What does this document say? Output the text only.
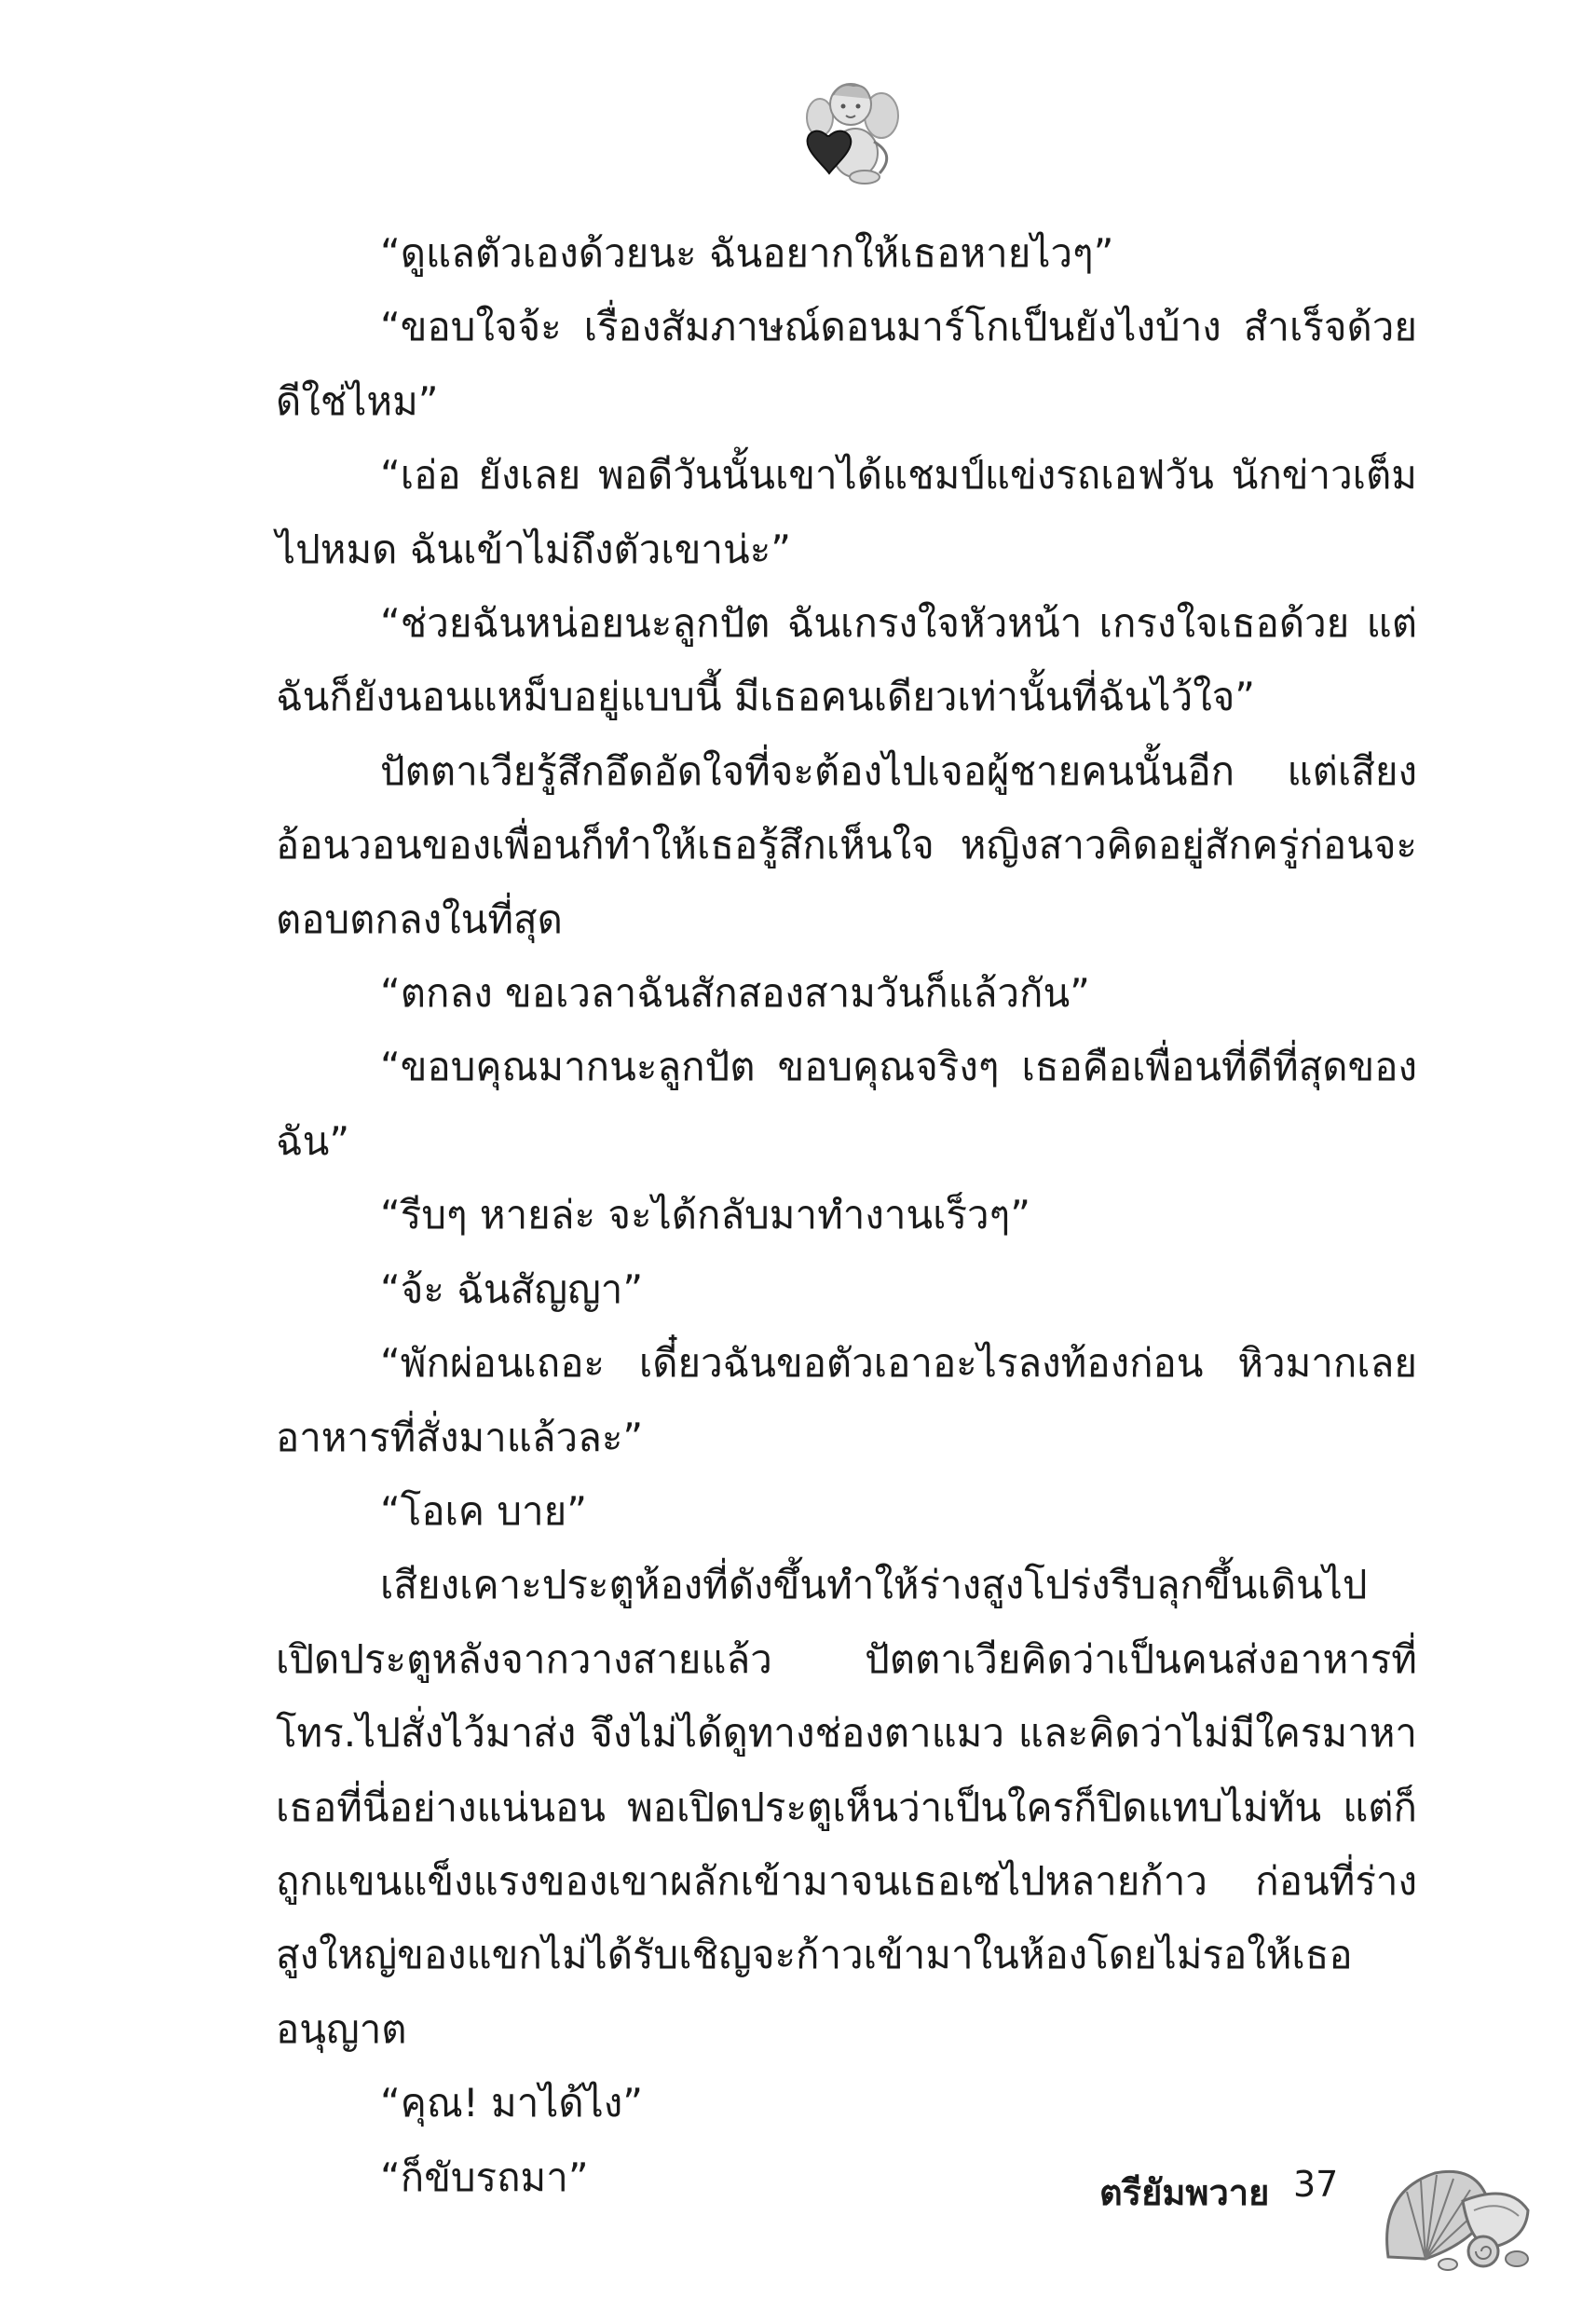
“ดูแลตัวเองด้วยนะ ฉันอยากให้เธอหายไวๆ”

“ขอบใจจ้ะ เรื่องสัมภาษณ์ดอนมาร์โกเป็นยังไงบ้าง สำเร็จด้วยดีใช่ไหม”

“เอ่อ ยังเลย พอดีวันนั้นเขาได้แชมป์แข่งรถเอฟวัน นักข่าวเต็มไปหมด ฉันเข้าไม่ถึงตัวเขาน่ะ”

“ช่วยฉันหน่อยนะลูกปัต ฉันเกรงใจหัวหน้า เกรงใจเธอด้วย แต่ฉันก็ยังนอนแหม็บอยู่แบบนี้ มีเธอคนเดียวเท่านั้นที่ฉันไว้ใจ”

ปัตตาเวียรู้สึกอึดอัดใจที่จะต้องไปเจอผู้ชายคนนั้นอีก แต่เสียงอ้อนวอนของเพื่อนก็ทำให้เธอรู้สึกเห็นใจ หญิงสาวคิดอยู่สักครู่ก่อนจะตอบตกลงในที่สุด

“ตกลง ขอเวลาฉันสักสองสามวันก็แล้วกัน”

“ขอบคุณมากนะลูกปัต ขอบคุณจริงๆ เธอคือเพื่อนที่ดีที่สุดของฉัน”

“รีบๆ หายล่ะ จะได้กลับมาทำงานเร็วๆ”

“จ้ะ ฉันสัญญา”

“พักผ่อนเถอะ เดี๋ยวฉันขอตัวเอาอะไรลงท้องก่อน หิวมากเลยอาหารที่สั่งมาแล้วละ”

“โอเค บาย”

เสียงเคาะประตูห้องที่ดังขึ้นทำให้ร่างสูงโปร่งรีบลุกขึ้นเดินไปเปิดประตูหลังจากวางสายแล้ว ปัตตาเวียคิดว่าเป็นคนส่งอาหารที่โทร.ไปสั่งไว้มาส่ง จึงไม่ได้ดูทางช่องตาแมว และคิดว่าไม่มีใครมาหาเธอที่นี่อย่างแน่นอน พอเปิดประตูเห็นว่าเป็นใครก็ปิดแทบไม่ทัน แต่ก็ถูกแขนแข็งแรงของเขาผลักเข้ามาจนเธอเซไปหลายก้าว ก่อนที่ร่างสูงใหญ่ของแขกไม่ได้รับเชิญจะก้าวเข้ามาในห้องโดยไม่รอให้เธออนุญาต

“คุณ! มาได้ไง”

“ก็ขับรถมา”	ตรียัมพวาย 37
